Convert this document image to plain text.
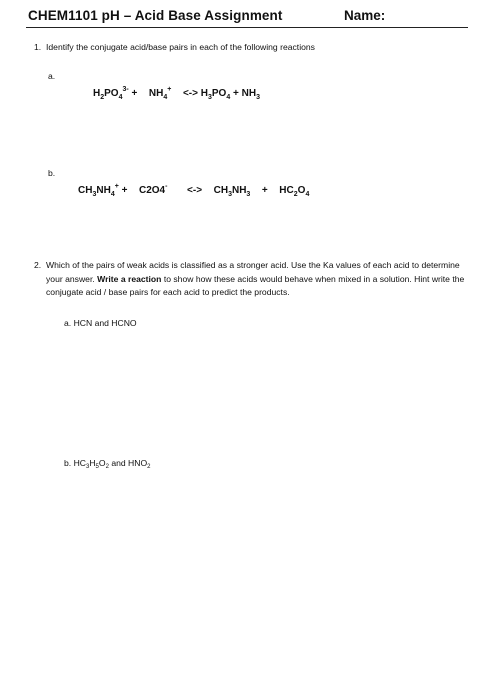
CHEM1101 pH – Acid Base Assignment	Name:
1. Identify the conjugate acid/base pairs in each of the following reactions
a.
$H_2PO_4^{3-} + NH_4^+$ <-> $H_3PO_4 + NH_3$
b.
$CH_3NH_4^+ + C2O4^-$ <-> $CH_3NH_3 + HC_2O_4$
2. Which of the pairs of weak acids is classified as a stronger acid. Use the Ka values of each acid to determine your answer. Write a reaction to show how these acids would behave when mixed in a solution. Hint write the conjugate acid / base pairs for each acid to predict the products.
a. HCN and HCNO
b. $HC_3H_5O_2$ and $HNO_2$
